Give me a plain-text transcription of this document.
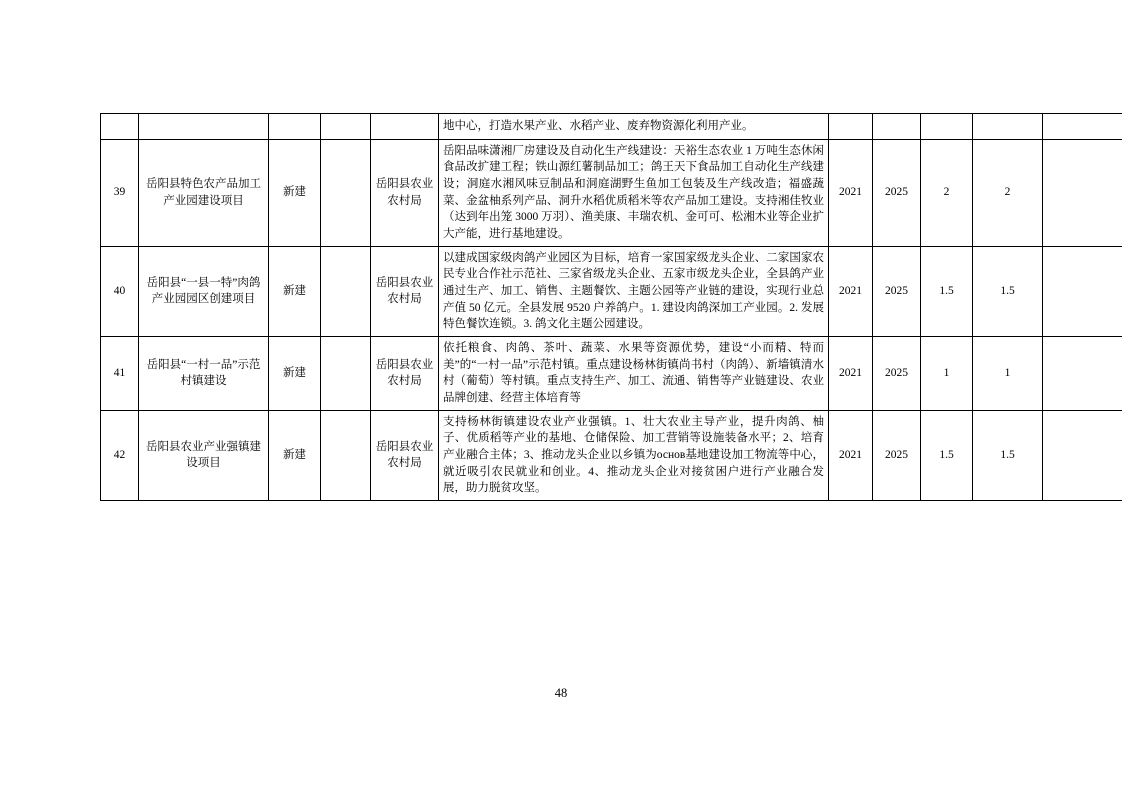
					地中心，打造水果产业、水稻产业、废弃物资源化利用产业。					
39	岳阳县特色农产品加工产业园建设项目	新建		岳阳县农业农村局	岳阳品味潇湘厂房建设及自动化生产线建设：天裕生态农业 1 万吨生态休闲食品改扩建工程；铁山源红薯制品加工；鸽王天下食品加工自动化生产线建设；洞庭水湘风味豆制品和洞庭湖野生鱼加工包装及生产线改造；福盛蔬菜、金盆柚系列产品、洞升水稻优质稻米等农产品加工建设。支持湘佳牧业（达到年出笼 3000 万羽）、渔美康、丰瑞农机、金可可、松湘木业等企业扩大产能，进行基地建设。	2021	2025	2	2	
40	岳阳县“一县一特”肉鸽产业园园区创建项目	新建		岳阳县农业农村局	以建成国家级肉鸽产业园区为目标，培育一家国家级龙头企业、二家国家农民专业合作社示范社、三家省级龙头企业、五家市级龙头企业，全县鸽产业通过生产、加工、销售、主题餐饮、主题公园等产业链的建设，实现行业总产值 50 亿元。全县发展 9520 户养鸽户。1. 建设肉鸽深加工产业园。2. 发展特色餐饮连锁。3. 鸽文化主题公园建设。	2021	2025	1.5	1.5	
41	岳阳县“一村一品”示范村镇建设	新建		岳阳县农业农村局	依托粮食、肉鸽、茶叶、蔬菜、水果等资源优势，建设“小而精、特而美”的“一村一品”示范村镇。重点建设杨林街镇尚书村（肉鸽）、新墙镇清水村（葡萄）等村镇。重点支持生产、加工、流通、销售等产业链建设、农业品牌创建、经营主体培育等	2021	2025	1	1	
42	岳阳县农业产业强镇建设项目	新建		岳阳县农业农村局	支持杨林街镇建设农业产业强镇。1、壮大农业主导产业，提升肉鸽、柚子、优质稻等产业的基地、仓储保险、加工营销等设施装备水平；2、培育产业融合主体；3、推动龙头企业以乡镇为основ基地建设加工物流等中心，就近吸引农民就业和创业。4、推动龙头企业对接贫困户进行产业融合发展，助力脱贫攻坚。	2021	2025	1.5	1.5	
48
